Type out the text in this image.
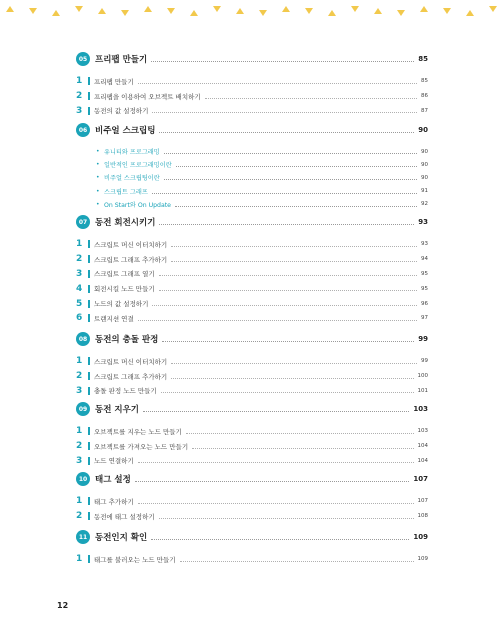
05 프리팹 만들기	85
1	프리팹 만들기	85
2	프리팹을 이용하여 오브젝트 배치하기	86
3	동전의 값 설정하기	87
06 비주얼 스크립팅	90
• 유니티와 프로그래밍	90
• 일반적인 프로그래밍이란	90
• 비주얼 스크립팅이란	90
• 스크립트 그래프	91
• On Start와 On Update	92
07 동전 회전시키기	93
1	스크립트 머신 이터치하기	93
2	스크립트 그래프 추가하기	94
3	스크립트 그래프 열기	95
4	회전시킬 노드 만들기	95
5	노드의 값 설정하기	96
6	트랜지션 연결	97
08 동전의 충돌 판정	99
1	스크립트 머신 이터치하기	99
2	스크립트 그래프 추가하기	100
3	충돌 판정 노드 만들기	101
09 동전 지우기	103
1	오브젝트를 지우는 노드 만들기	103
2	오브젝트를 가져오는 노드 만들기	104
3	노드 연결하기	104
10 태그 설정	107
1	태그 추가하기	107
2	동전에 태그 설정하기	108
11 동전인지 확인	109
1	태그를 불러오는 노드 만들기	109
12
